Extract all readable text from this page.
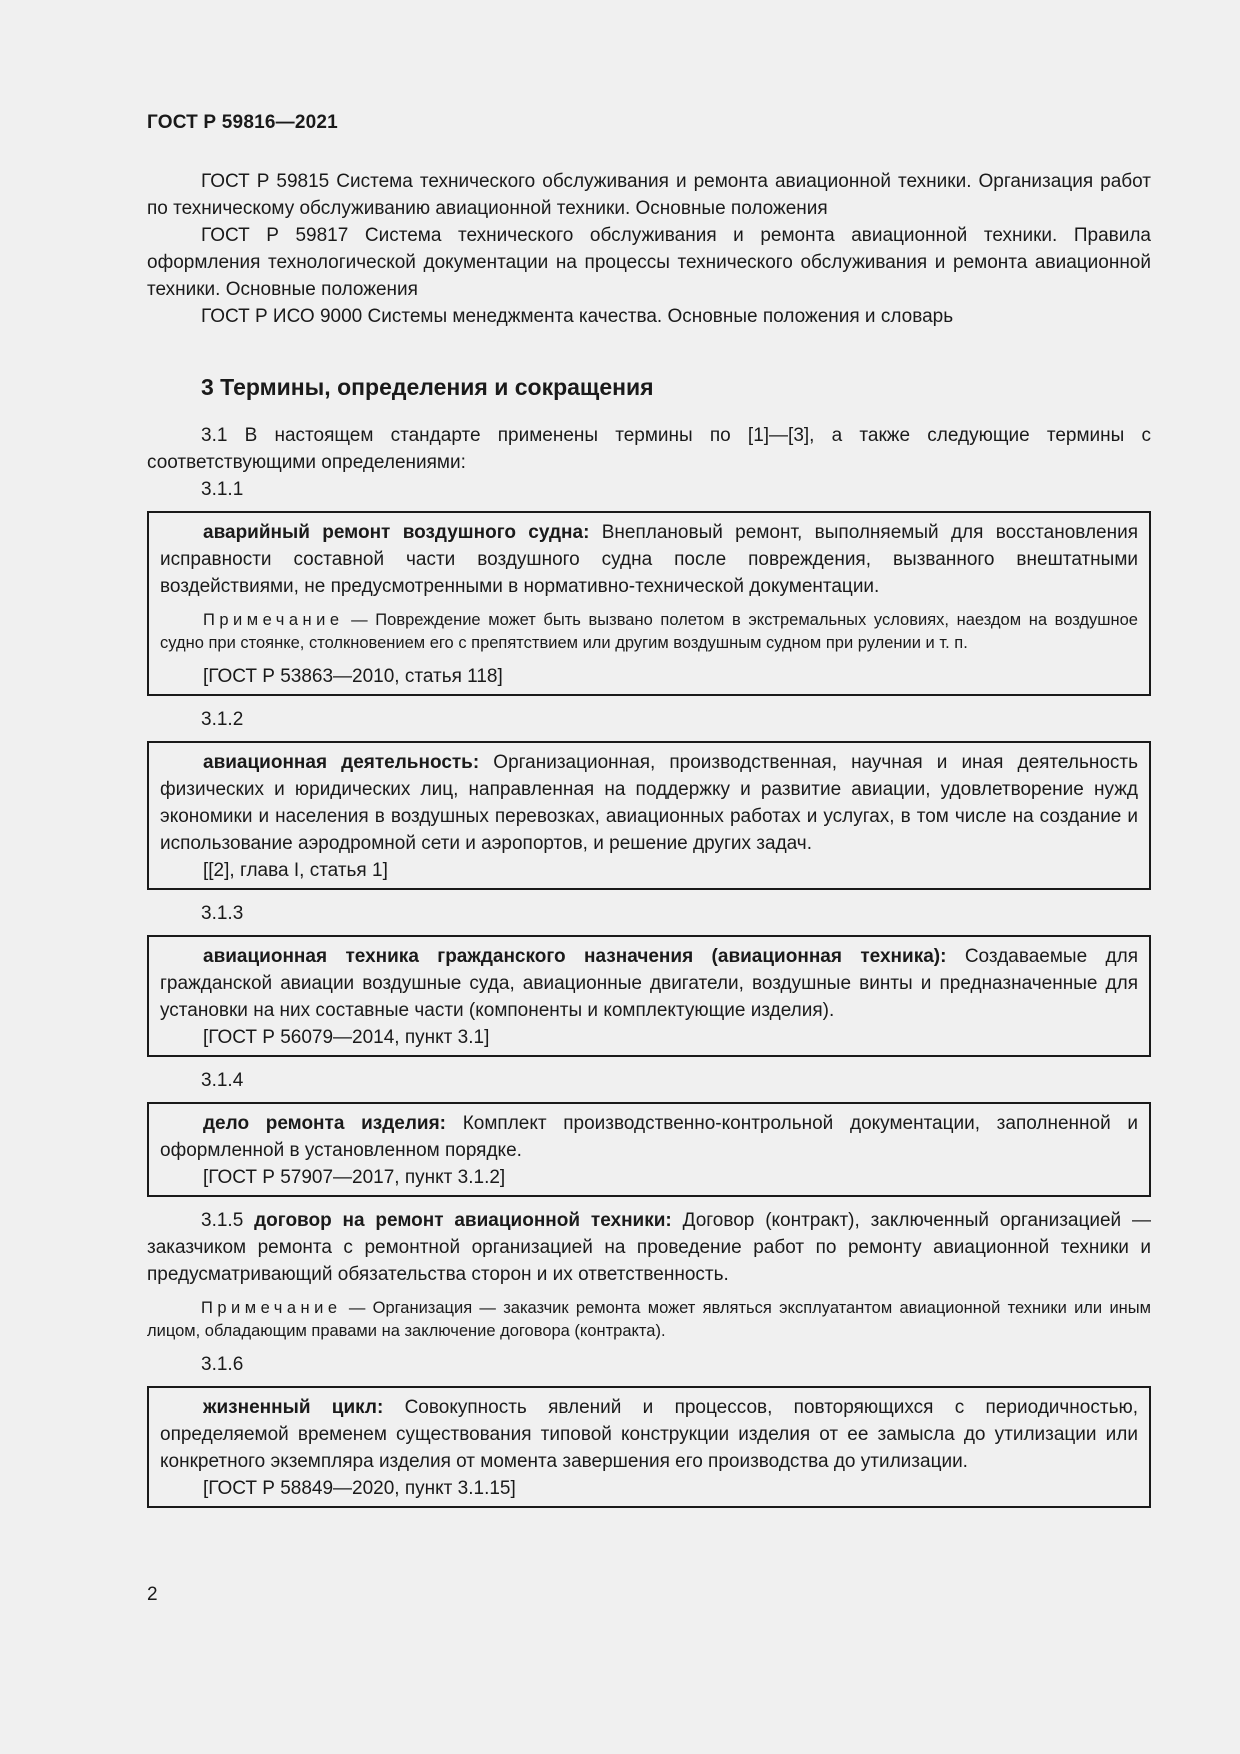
ГОСТ Р 59816—2021

ГОСТ Р 59815 Система технического обслуживания и ремонта авиационной техники. Организация работ по техническому обслуживанию авиационной техники. Основные положения

ГОСТ Р 59817 Система технического обслуживания и ремонта авиационной техники. Правила оформления технологической документации на процессы технического обслуживания и ремонта авиационной техники. Основные положения

ГОСТ Р ИСО 9000 Системы менеджмента качества. Основные положения и словарь

3 Термины, определения и сокращения

3.1 В настоящем стандарте применены термины по [1]—[3], а также следующие термины с соответствующими определениями:

3.1.1

аварийный ремонт воздушного судна: Внеплановый ремонт, выполняемый для восстановления исправности составной части воздушного судна после повреждения, вызванного внештатными воздействиями, не предусмотренными в нормативно-технической документации.

Примечание — Повреждение может быть вызвано полетом в экстремальных условиях, наездом на воздушное судно при стоянке, столкновением его с препятствием или другим воздушным судном при рулении и т. п.

[ГОСТ Р 53863—2010, статья 118]

3.1.2

авиационная деятельность: Организационная, производственная, научная и иная деятельность физических и юридических лиц, направленная на поддержку и развитие авиации, удовлетворение нужд экономики и населения в воздушных перевозках, авиационных работах и услугах, в том числе на создание и использование аэродромной сети и аэропортов, и решение других задач.

[[2], глава I, статья 1]

3.1.3

авиационная техника гражданского назначения (авиационная техника): Создаваемые для гражданской авиации воздушные суда, авиационные двигатели, воздушные винты и предназначенные для установки на них составные части (компоненты и комплектующие изделия).

[ГОСТ Р 56079—2014, пункт 3.1]

3.1.4

дело ремонта изделия: Комплект производственно-контрольной документации, заполненной и оформленной в установленном порядке.

[ГОСТ Р 57907—2017, пункт 3.1.2]

3.1.5 договор на ремонт авиационной техники: Договор (контракт), заключенный организацией — заказчиком ремонта с ремонтной организацией на проведение работ по ремонту авиационной техники и предусматривающий обязательства сторон и их ответственность.

Примечание — Организация — заказчик ремонта может являться эксплуатантом авиационной техники или иным лицом, обладающим правами на заключение договора (контракта).

3.1.6

жизненный цикл: Совокупность явлений и процессов, повторяющихся с периодичностью, определяемой временем существования типовой конструкции изделия от ее замысла до утилизации или конкретного экземпляра изделия от момента завершения его производства до утилизации.

[ГОСТ Р 58849—2020, пункт 3.1.15]

2
